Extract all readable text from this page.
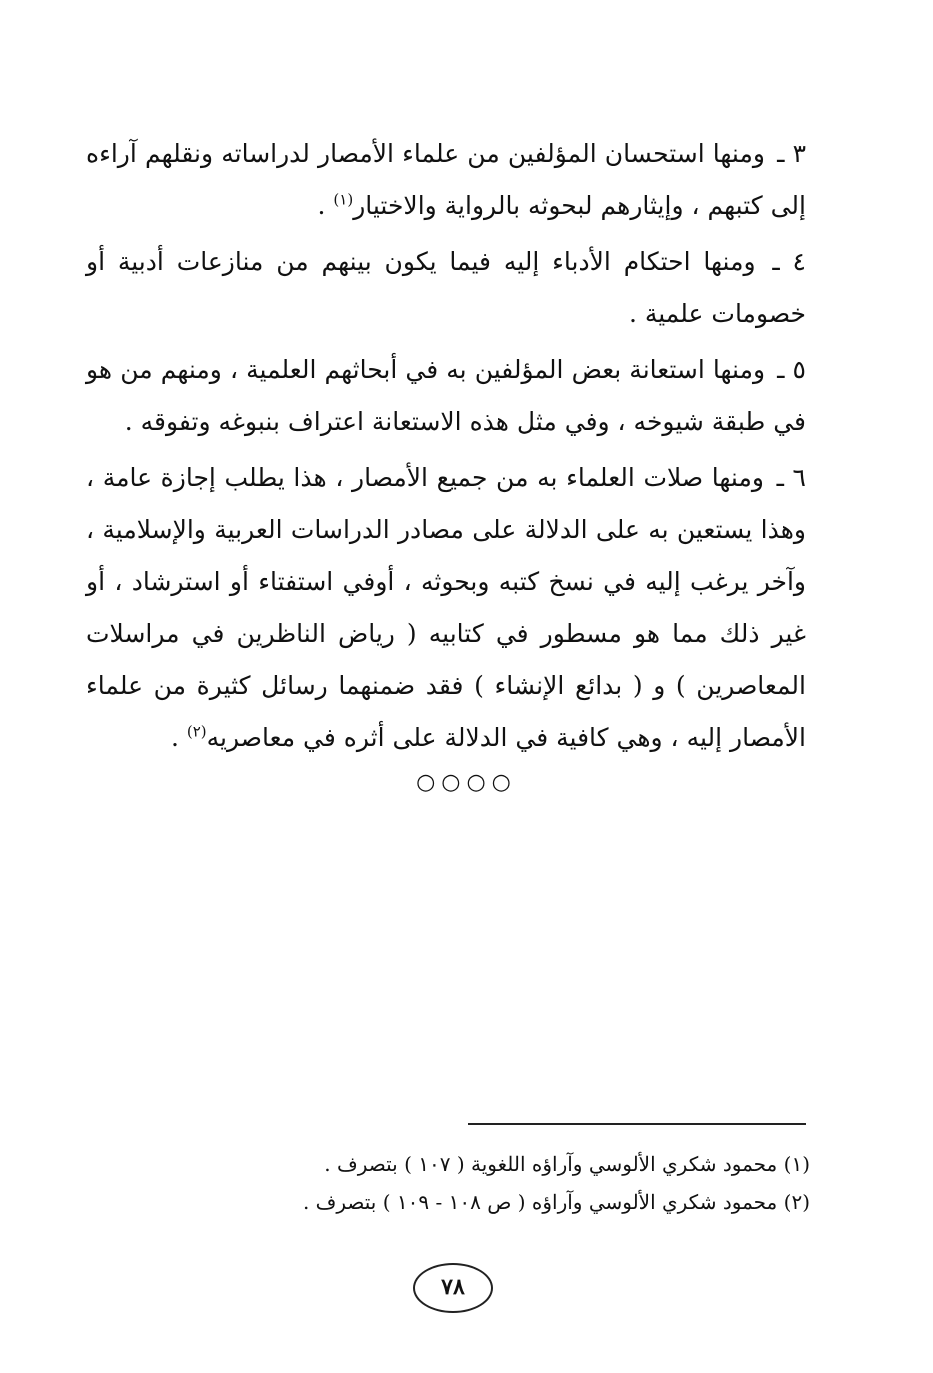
٣ ـ ومنها استحسان المؤلفين من علماء الأمصار لدراساته ونقلهم آراءه إلى كتبهم ، وإيثارهم لبحوثه بالرواية والاختيار$^{(١)}$ .

٤ ـ ومنها احتكام الأدباء إليه فيما يكون بينهم من منازعات أدبية أو خصومات علمية .

٥ ـ ومنها استعانة بعض المؤلفين به في أبحاثهم العلمية ، ومنهم من هو في طبقة شيوخه ، وفي مثل هذه الاستعانة اعتراف بنبوغه وتفوقه .

٦ ـ ومنها صلات العلماء به من جميع الأمصار ، هذا يطلب إجازة عامة ، وهذا يستعين به على الدلالة على مصادر الدراسات العربية والإسلامية ، وآخر يرغب إليه في نسخ كتبه وبحوثه ، أوفي استفتاء أو استرشاد ، أو غير ذلك مما هو مسطور في كتابيه ( رياض الناظرين في مراسلات المعاصرين ) و ( بدائع الإنشاء ) فقد ضمنهما رسائل كثيرة من علماء الأمصار إليه ، وهي كافية في الدلالة على أثره في معاصريه$^{(٢)}$ .

○○○○

(١) محمود شكري الألوسي وآراؤه اللغوية ( ١٠٧ ) بتصرف .

(٢) محمود شكري الألوسي وآراؤه ( ص ١٠٨ - ١٠٩ ) بتصرف .

٧٨
